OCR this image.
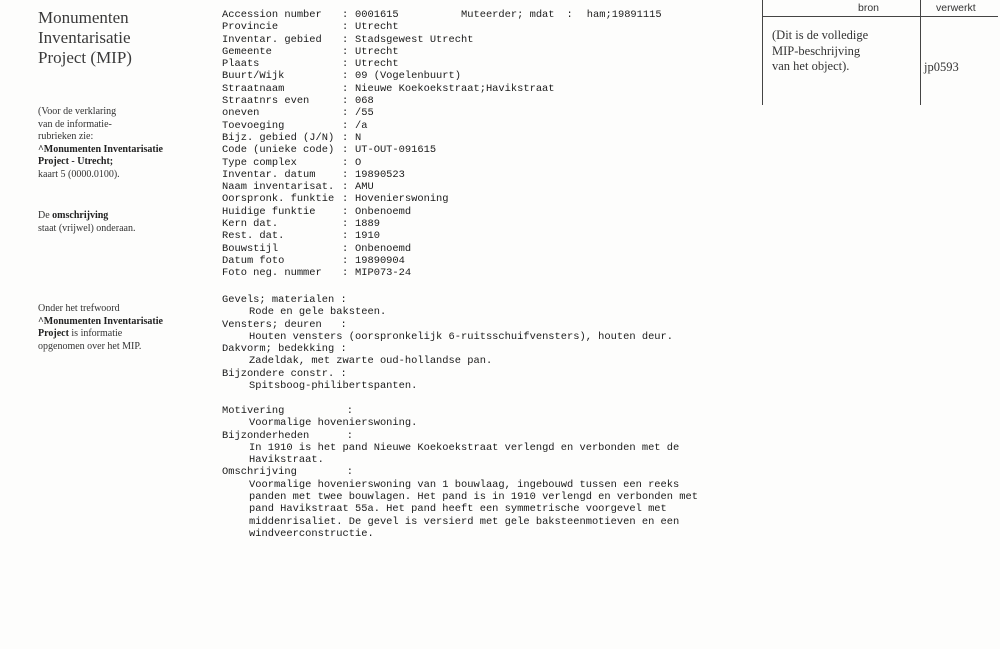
Monumenten
Inventarisatie
Project (MIP)
(Voor de verklaring
van de informatie-
rubrieken zie:
^Monumenten Inventarisatie
Project - Utrecht;
kaart 5 (0000.0100).
De omschrijving
staat (vrijwel) onderaan.
Onder het trefwoord
^Monumenten Inventarisatie
Project is informatie
opgenomen over het MIP.
Accession number : 0001615
Provincie	: Utrecht
Inventar. gebied : Stadsgewest Utrecht
Gemeente	: Utrecht
Plaats	: Utrecht
Buurt/Wijk	: 09 (Vogelenbuurt)
Straatnaam	: Nieuwe Koekoekstraat;Havikstraat
Straatnrs even	: 068
oneven	: /55
Toevoeging	: /a
Bijz. gebied (J/N) : N
Code (unieke code) : UT-OUT-091615
Type complex	: O
Inventar. datum	: 19890523
Naam inventarisat. : AMU
Oorspronk. funktie : Hovenierswoning
Huidige funktie	: Onbenoemd
Kern dat.	: 1889
Rest. dat.	: 1910
Bouwstijl	: Onbenoemd
Datum foto	: 19890904
Foto neg. nummer : MIP073-24
Muteerder; mdat : ham;19891115
Gevels; materialen :
Rode en gele baksteen.
Vensters; deuren   :
Houten vensters (oorspronkelijk 6-ruitsschuifvensters), houten deur.
Dakvorm; bedekking :
Zadeldak, met zwarte oud-hollandse pan.
Bijzondere constr. :
Spitsboog-philibertspanten.
Motivering          :
Voormalige hovenierswoning.
Bijzonderheden      :
In 1910 is het pand Nieuwe Koekoekstraat verlengd en verbonden met de
Havikstraat.
Omschrijving        :
Voormalige hovenierswoning van 1 bouwlaag, ingebouwd tussen een reeks
panden met twee bouwlagen. Het pand is in 1910 verlengd en verbonden met
pand Havikstraat 55a. Het pand heeft een symmetrische voorgevel met
middenrisaliet. De gevel is versierd met gele baksteenmotieven en een
windveerconstructie.
bron	verwerkt
(Dit is de volledige
MIP-beschrijving
van het object).	jp0593
